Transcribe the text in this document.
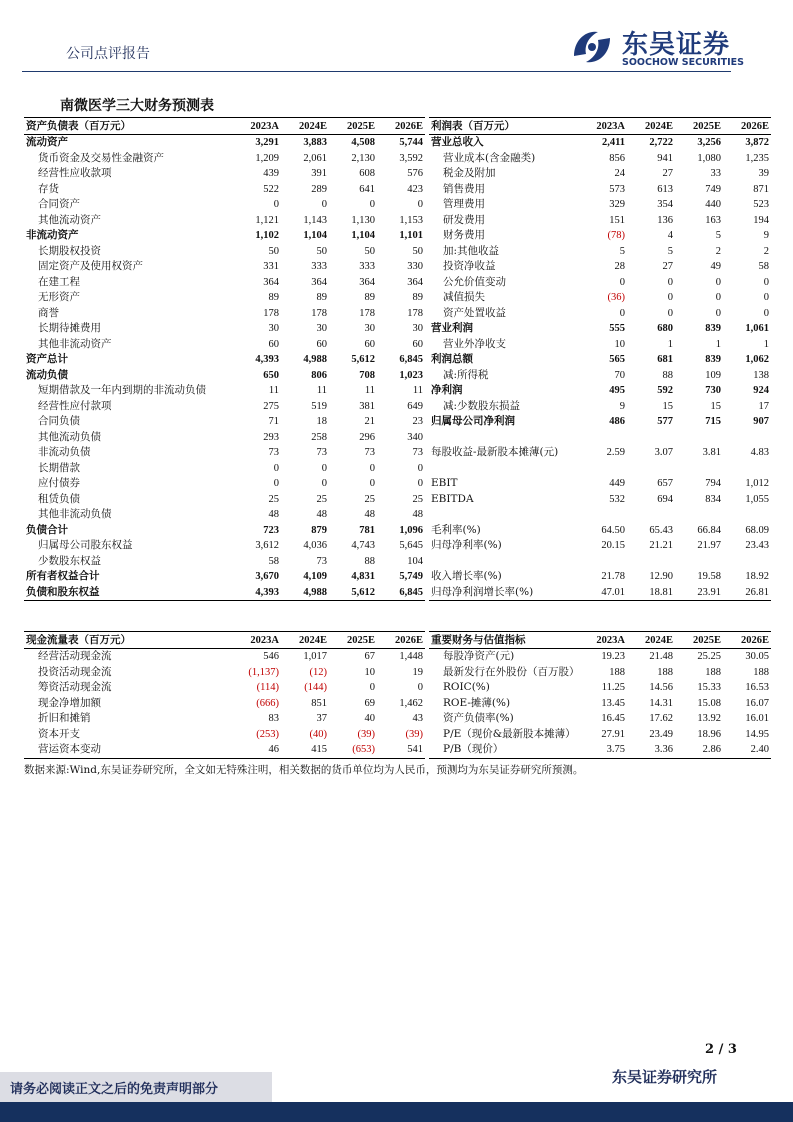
公司点评报告	东吴证券
SOOCHOW SECURITIES
南微医学三大财务预测表
资产负债表（百万元）	2023A	2024E	2025E	2026E
流动资产	3,291	3,883	4,508	5,744
货币资金及交易性金融资产	1,209	2,061	2,130	3,592
经营性应收款项	439	391	608	576
存货	522	289	641	423
合同资产	0	0	0	0
其他流动资产	1,121	1,143	1,130	1,153
非流动资产	1,102	1,104	1,104	1,101
长期股权投资	50	50	50	50
固定资产及使用权资产	331	333	333	330
在建工程	364	364	364	364
无形资产	89	89	89	89
商誉	178	178	178	178
长期待摊费用	30	30	30	30
其他非流动资产	60	60	60	60
资产总计	4,393	4,988	5,612	6,845
流动负债	650	806	708	1,023
短期借款及一年内到期的非流动负债	11	11	11	11
经营性应付款项	275	519	381	649
合同负债	71	18	21	23
其他流动负债	293	258	296	340
非流动负债	73	73	73	73
长期借款	0	0	0	0
应付债券	0	0	0	0
租赁负债	25	25	25	25
其他非流动负债	48	48	48	48
负债合计	723	879	781	1,096
归属母公司股东权益	3,612	4,036	4,743	5,645
少数股东权益	58	73	88	104
所有者权益合计	3,670	4,109	4,831	5,749
负债和股东权益	4,393	4,988	5,612	6,845
利润表（百万元）	2023A	2024E	2025E	2026E
营业总收入	2,411	2,722	3,256	3,872
营业成本(含金融类)	856	941	1,080	1,235
税金及附加	24	27	33	39
销售费用	573	613	749	871
管理费用	329	354	440	523
研发费用	151	136	163	194
财务费用	(78)	4	5	9
加:其他收益	5	5	2	2
投资净收益	28	27	49	58
公允价值变动	0	0	0	0
减值损失	(36)	0	0	0
资产处置收益	0	0	0	0
营业利润	555	680	839	1,061
营业外净收支	10	1	1	1
利润总额	565	681	839	1,062
减:所得税	70	88	109	138
净利润	495	592	730	924
减:少数股东损益	9	15	15	17
归属母公司净利润	486	577	715	907

每股收益-最新股本摊薄(元)	2.59	3.07	3.81	4.83

EBIT	449	657	794	1,012
EBITDA	532	694	834	1,055

毛利率(%)	64.50	65.43	66.84	68.09
归母净利率(%)	20.15	21.21	21.97	23.43

收入增长率(%)	21.78	12.90	19.58	18.92
归母净利润增长率(%)	47.01	18.81	23.91	26.81
现金流量表（百万元）	2023A	2024E	2025E	2026E
经营活动现金流	546	1,017	67	1,448
投资活动现金流	(1,137)	(12)	10	19
筹资活动现金流	(114)	(144)	0	0
现金净增加额	(666)	851	69	1,462
折旧和摊销	83	37	40	43
资本开支	(253)	(40)	(39)	(39)
营运资本变动	46	415	(653)	541
重要财务与估值指标	2023A	2024E	2025E	2026E
每股净资产(元)	19.23	21.48	25.25	30.05
最新发行在外股份（百万股）	188	188	188	188
ROIC(%)	11.25	14.56	15.33	16.53
ROE-摊薄(%)	13.45	14.31	15.08	16.07
资产负债率(%)	16.45	17.62	13.92	16.01
P/E（现价&最新股本摊薄）	27.91	23.49	18.96	14.95
P/B（现价）	3.75	3.36	2.86	2.40
数据来源:Wind,东吴证券研究所，全文如无特殊注明，相关数据的货币单位均为人民币，预测均为东吴证券研究所预测。
2 / 3
东吴证券研究所
请务必阅读正文之后的免责声明部分
